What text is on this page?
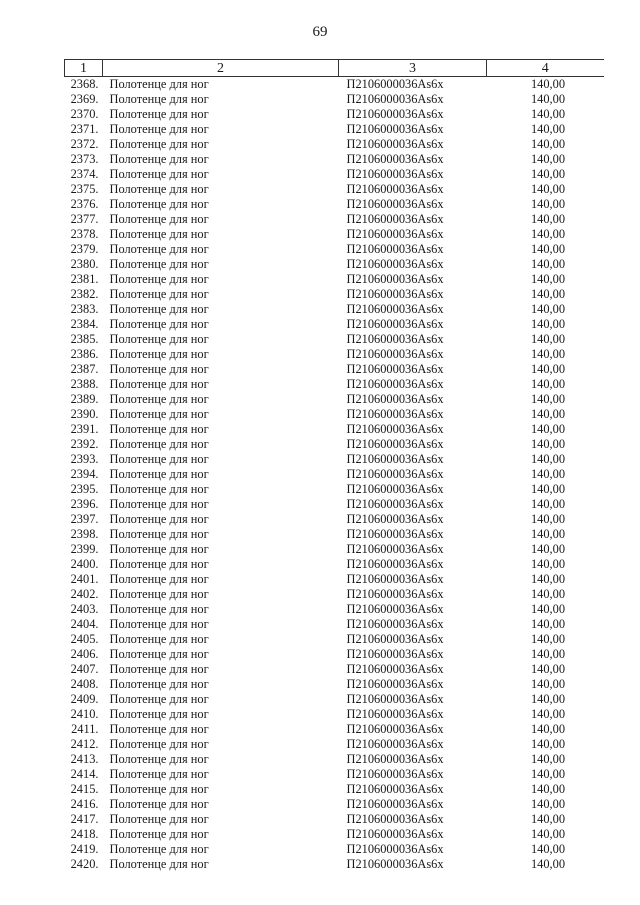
69
1	2	3	4
2368.	Полотенце для ног	П2106000036Аs6x	140,00
2369.	Полотенце для ног	П2106000036Аs6x	140,00
2370.	Полотенце для ног	П2106000036Аs6x	140,00
2371.	Полотенце для ног	П2106000036Аs6x	140,00
2372.	Полотенце для ног	П2106000036Аs6x	140,00
2373.	Полотенце для ног	П2106000036Аs6x	140,00
2374.	Полотенце для ног	П2106000036Аs6x	140,00
2375.	Полотенце для ног	П2106000036Аs6x	140,00
2376.	Полотенце для ног	П2106000036Аs6x	140,00
2377.	Полотенце для ног	П2106000036Аs6x	140,00
2378.	Полотенце для ног	П2106000036Аs6x	140,00
2379.	Полотенце для ног	П2106000036Аs6x	140,00
2380.	Полотенце для ног	П2106000036Аs6x	140,00
2381.	Полотенце для ног	П2106000036Аs6x	140,00
2382.	Полотенце для ног	П2106000036Аs6x	140,00
2383.	Полотенце для ног	П2106000036Аs6x	140,00
2384.	Полотенце для ног	П2106000036Аs6x	140,00
2385.	Полотенце для ног	П2106000036Аs6x	140,00
2386.	Полотенце для ног	П2106000036Аs6x	140,00
2387.	Полотенце для ног	П2106000036Аs6x	140,00
2388.	Полотенце для ног	П2106000036Аs6x	140,00
2389.	Полотенце для ног	П2106000036Аs6x	140,00
2390.	Полотенце для ног	П2106000036Аs6x	140,00
2391.	Полотенце для ног	П2106000036Аs6x	140,00
2392.	Полотенце для ног	П2106000036Аs6x	140,00
2393.	Полотенце для ног	П2106000036Аs6x	140,00
2394.	Полотенце для ног	П2106000036Аs6x	140,00
2395.	Полотенце для ног	П2106000036Аs6x	140,00
2396.	Полотенце для ног	П2106000036Аs6x	140,00
2397.	Полотенце для ног	П2106000036Аs6x	140,00
2398.	Полотенце для ног	П2106000036Аs6x	140,00
2399.	Полотенце для ног	П2106000036Аs6x	140,00
2400.	Полотенце для ног	П2106000036Аs6x	140,00
2401.	Полотенце для ног	П2106000036Аs6x	140,00
2402.	Полотенце для ног	П2106000036Аs6x	140,00
2403.	Полотенце для ног	П2106000036Аs6x	140,00
2404.	Полотенце для ног	П2106000036Аs6x	140,00
2405.	Полотенце для ног	П2106000036Аs6x	140,00
2406.	Полотенце для ног	П2106000036Аs6x	140,00
2407.	Полотенце для ног	П2106000036Аs6x	140,00
2408.	Полотенце для ног	П2106000036Аs6x	140,00
2409.	Полотенце для ног	П2106000036Аs6x	140,00
2410.	Полотенце для ног	П2106000036Аs6x	140,00
2411.	Полотенце для ног	П2106000036Аs6x	140,00
2412.	Полотенце для ног	П2106000036Аs6x	140,00
2413.	Полотенце для ног	П2106000036Аs6x	140,00
2414.	Полотенце для ног	П2106000036Аs6x	140,00
2415.	Полотенце для ног	П2106000036Аs6x	140,00
2416.	Полотенце для ног	П2106000036Аs6x	140,00
2417.	Полотенце для ног	П2106000036Аs6x	140,00
2418.	Полотенце для ног	П2106000036Аs6x	140,00
2419.	Полотенце для ног	П2106000036Аs6x	140,00
2420.	Полотенце для ног	П2106000036Аs6x	140,00
